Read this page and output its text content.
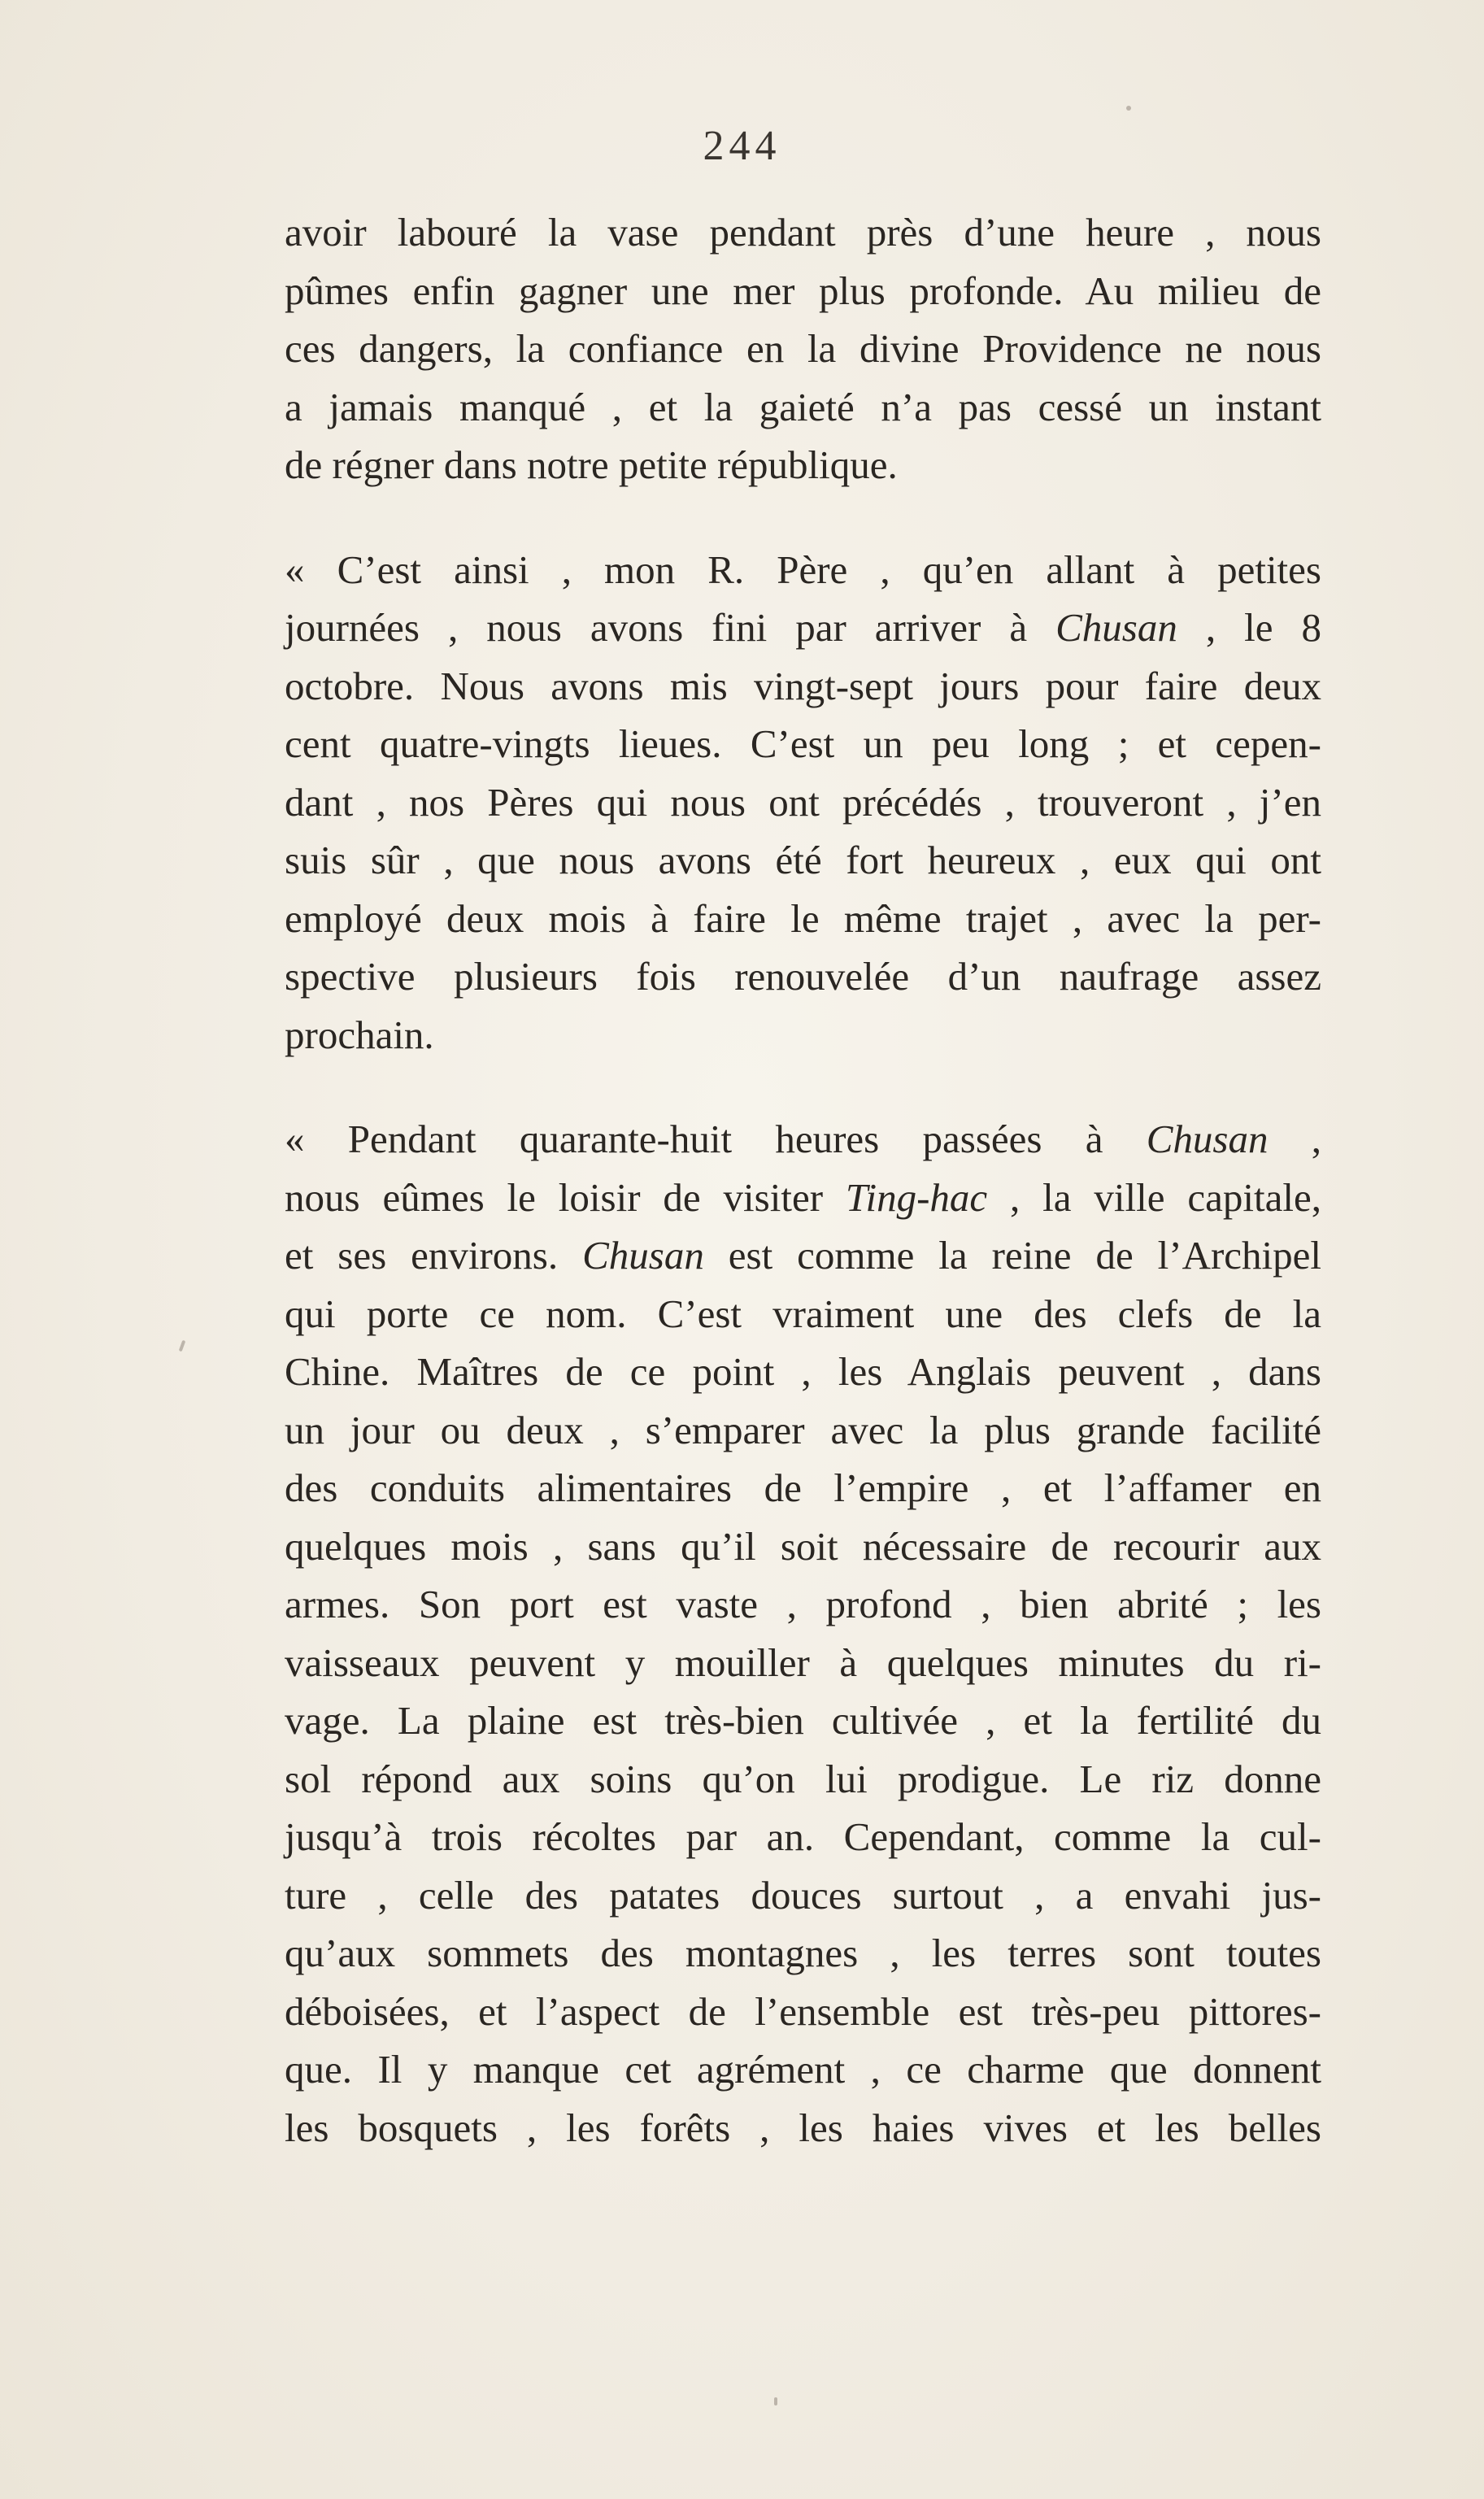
244

avoir labouré la vase pendant près d’une heure , nous
pûmes enfin gagner une mer plus profonde. Au milieu de
ces dangers, la confiance en la divine Providence ne nous
a jamais manqué , et la gaieté n’a pas cessé un instant
de régner dans notre petite république.

« C’est ainsi , mon R. Père , qu’en allant à petites
journées , nous avons fini par arriver à Chusan , le 8
octobre. Nous avons mis vingt-sept jours pour faire deux
cent quatre-vingts lieues. C’est un peu long ; et cepen-
dant , nos Pères qui nous ont précédés , trouveront , j’en
suis sûr , que nous avons été fort heureux , eux qui ont
employé deux mois à faire le même trajet , avec la per-
spective plusieurs fois renouvelée d’un naufrage assez
prochain.

« Pendant quarante-huit heures passées à Chusan ,
nous eûmes le loisir de visiter Ting-hac , la ville capitale,
et ses environs. Chusan est comme la reine de l’Archipel
qui porte ce nom. C’est vraiment une des clefs de la
Chine. Maîtres de ce point , les Anglais peuvent , dans
un jour ou deux , s’emparer avec la plus grande facilité
des conduits alimentaires de l’empire , et l’affamer en
quelques mois , sans qu’il soit nécessaire de recourir aux
armes. Son port est vaste , profond , bien abrité ; les
vaisseaux peuvent y mouiller à quelques minutes du ri-
vage. La plaine est très-bien cultivée , et la fertilité du
sol répond aux soins qu’on lui prodigue. Le riz donne
jusqu’à trois récoltes par an. Cependant, comme la cul-
ture , celle des patates douces surtout , a envahi jus-
qu’aux sommets des montagnes , les terres sont toutes
déboisées, et l’aspect de l’ensemble est très-peu pittores-
que. Il y manque cet agrément , ce charme que donnent
les bosquets , les forêts , les haies vives et les belles
